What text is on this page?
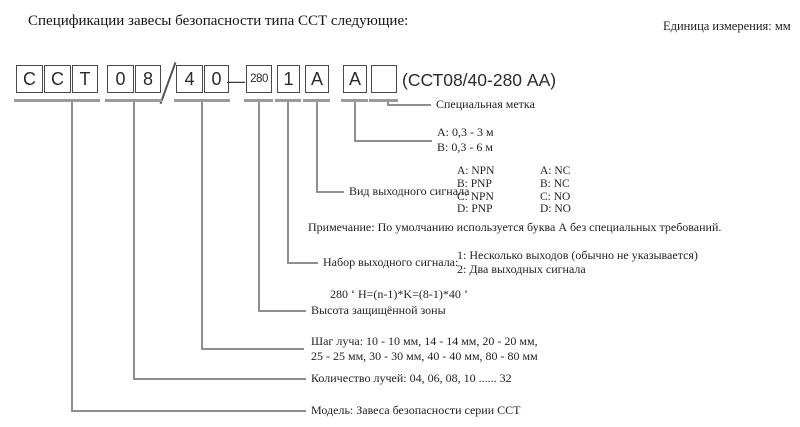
Спецификации завесы безопасности типа ССТ следующие:	Единица измерения: мм
С С Т	0 8	4 0 — 280 1 А	А	(ССТ08/40-280 АА)
Специальная метка
А: 0,3 - 3 м
В: 0,3 - 6 м
Вид выходного сигнала
A: NPN	A: NC
B: PNP	B: NC
C: NPN	C: NO
D: PNP	D: NO
Примечание: По умолчанию используется буква А без специальных требований.
Набор выходного сигнала:
1: Несколько выходов (обычно не указывается)
2: Два выходных сигнала
280 ‘ H=(n-1)*K=(8-1)*40 ’
Высота защищённой зоны
Шаг луча: 10 - 10 мм, 14 - 14 мм, 20 - 20 мм,
25 - 25 мм, 30 - 30 мм, 40 - 40 мм, 80 - 80 мм
Количество лучей: 04, 06, 08, 10 ...... 32
Модель: Завеса безопасности серии ССТ
